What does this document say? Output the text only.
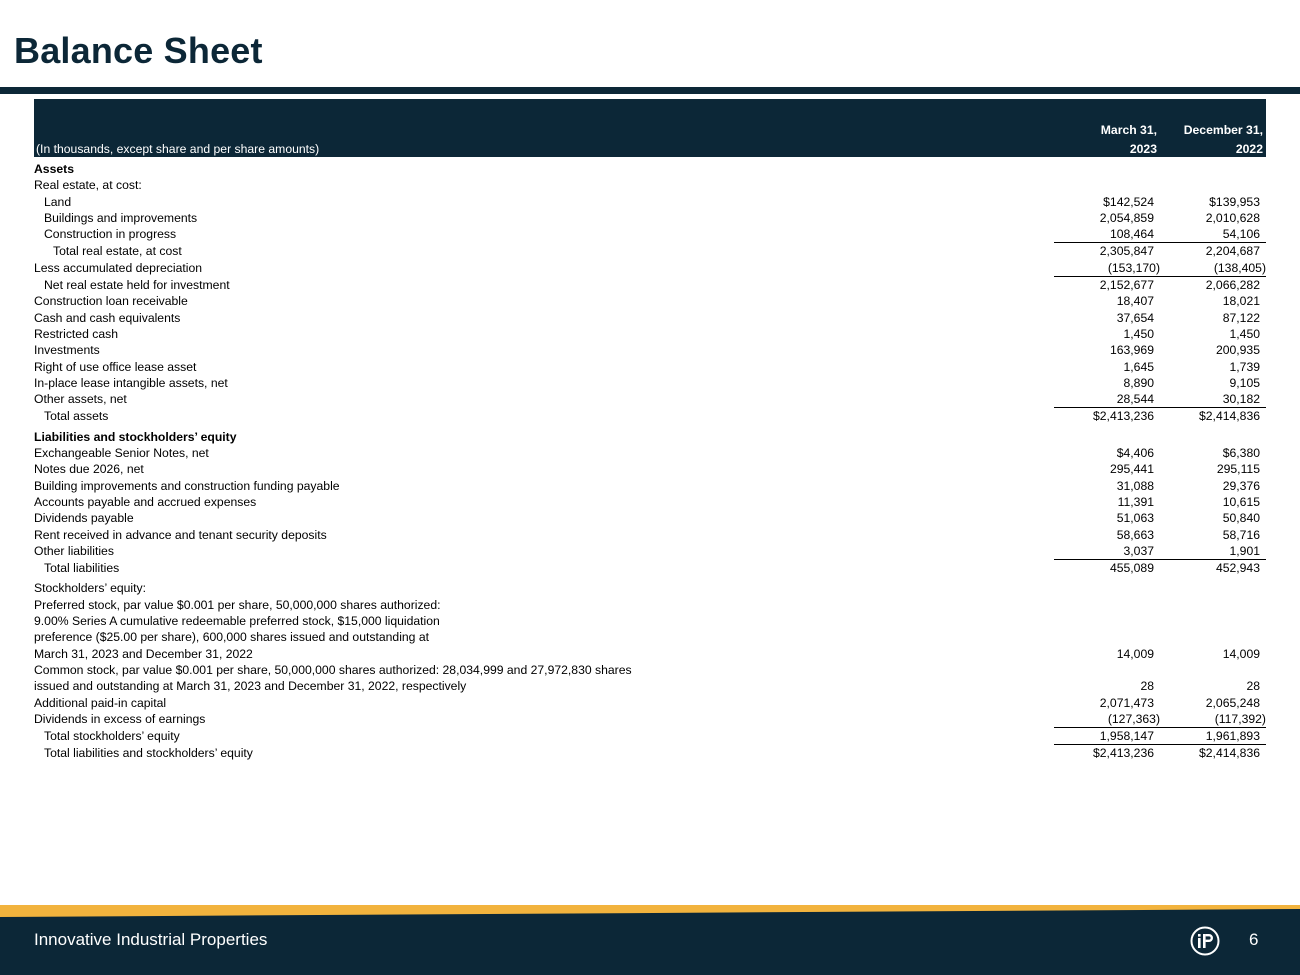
Balance Sheet

	March 31,	December 31,
(In thousands, except share and per share amounts)	2023	2022
Assets		
Real estate, at cost:		
Land	$142,524	$139,953
Buildings and improvements	2,054,859	2,010,628
Construction in progress	108,464	54,106
Total real estate, at cost	2,305,847	2,204,687
Less accumulated depreciation	(153,170)	(138,405)
Net real estate held for investment	2,152,677	2,066,282
Construction loan receivable	18,407	18,021
Cash and cash equivalents	37,654	87,122
Restricted cash	1,450	1,450
Investments	163,969	200,935
Right of use office lease asset	1,645	1,739
In-place lease intangible assets, net	8,890	9,105
Other assets, net	28,544	30,182
Total assets	$2,413,236	$2,414,836
Liabilities and stockholders’ equity		
Exchangeable Senior Notes, net	$4,406	$6,380
Notes due 2026, net	295,441	295,115
Building improvements and construction funding payable	31,088	29,376
Accounts payable and accrued expenses	11,391	10,615
Dividends payable	51,063	50,840
Rent received in advance and tenant security deposits	58,663	58,716
Other liabilities	3,037	1,901
Total liabilities	455,089	452,943
Stockholders’ equity:		
Preferred stock, par value $0.001 per share, 50,000,000 shares authorized: 9.00% Series A cumulative redeemable preferred stock, $15,000 liquidation preference ($25.00 per share), 600,000 shares issued and outstanding at March 31, 2023 and December 31, 2022	14,009	14,009
Common stock, par value $0.001 per share, 50,000,000 shares authorized: 28,034,999 and 27,972,830 shares issued and outstanding at March 31, 2023 and December 31, 2022, respectively	28	28
Additional paid-in capital	2,071,473	2,065,248
Dividends in excess of earnings	(127,363)	(117,392)
Total stockholders’ equity	1,958,147	1,961,893
Total liabilities and stockholders’ equity	$2,413,236	$2,414,836
Innovative Industrial Properties	6
